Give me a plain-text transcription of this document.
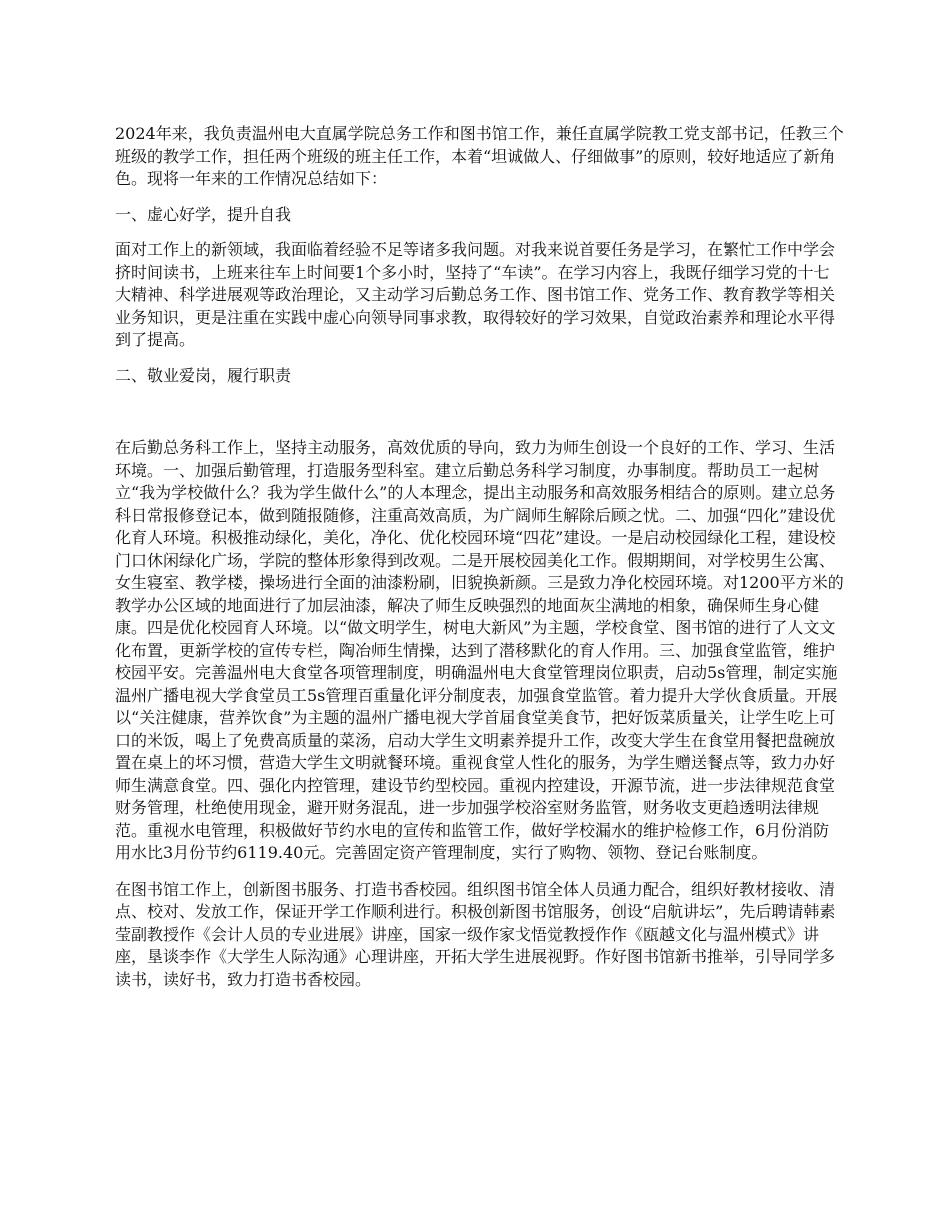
2024年来，我负责温州电大直属学院总务工作和图书馆工作，兼任直属学院教工党支部书记，任教三个班级的教学工作，担任两个班级的班主任工作，本着“坦诚做人、仔细做事”的原则，较好地适应了新角色。现将一年来的工作情况总结如下：

一、虚心好学，提升自我

面对工作上的新领域，我面临着经验不足等诸多我问题。对我来说首要任务是学习，在繁忙工作中学会挤时间读书，上班来往车上时间要1个多小时，坚持了“车读”。在学习内容上，我既仔细学习党的十七大精神、科学进展观等政治理论，又主动学习后勤总务工作、图书馆工作、党务工作、教育教学等相关业务知识，更是注重在实践中虚心向领导同事求教，取得较好的学习效果，自觉政治素养和理论水平得到了提高。

二、敬业爱岗，履行职责

在后勤总务科工作上，坚持主动服务，高效优质的导向，致力为师生创设一个良好的工作、学习、生活环境。一、加强后勤管理，打造服务型科室。建立后勤总务科学习制度，办事制度。帮助员工一起树立“我为学校做什么？我为学生做什么”的人本理念，提出主动服务和高效服务相结合的原则。建立总务科日常报修登记本，做到随报随修，注重高效高质，为广阔师生解除后顾之忧。二、加强“四化”建设优化育人环境。积极推动绿化，美化，净化、优化校园环境“四花”建设。一是启动校园绿化工程，建设校门口休闲绿化广场，学院的整体形象得到改观。二是开展校园美化工作。假期期间，对学校男生公寓、女生寝室、教学楼，操场进行全面的油漆粉刷，旧貌换新颜。三是致力净化校园环境。对1200平方米的教学办公区域的地面进行了加层油漆，解决了师生反映强烈的地面灰尘满地的相象，确保师生身心健康。四是优化校园育人环境。以“做文明学生，树电大新风”为主题，学校食堂、图书馆的进行了人文文化布置，更新学校的宣传专栏，陶冶师生情操，达到了潜移默化的育人作用。三、加强食堂监管，维护校园平安。完善温州电大食堂各项管理制度，明确温州电大食堂管理岗位职责，启动5s管理，制定实施温州广播电视大学食堂员工5s管理百重量化评分制度表，加强食堂监管。着力提升大学伙食质量。开展以“关注健康，营养饮食”为主题的温州广播电视大学首届食堂美食节，把好饭菜质量关，让学生吃上可口的米饭，喝上了免费高质量的菜汤，启动大学生文明素养提升工作，改变大学生在食堂用餐把盘碗放置在桌上的坏习惯，营造大学生文明就餐环境。重视食堂人性化的服务，为学生赠送餐点等，致力办好师生满意食堂。四、强化内控管理，建设节约型校园。重视内控建设，开源节流，进一步法律规范食堂财务管理，杜绝使用现金，避开财务混乱，进一步加强学校浴室财务监管，财务收支更趋透明法律规范。重视水电管理，积极做好节约水电的宣传和监管工作，做好学校漏水的维护检修工作，6月份消防用水比3月份节约6119.40元。完善固定资产管理制度，实行了购物、领物、登记台账制度。

在图书馆工作上，创新图书服务、打造书香校园。组织图书馆全体人员通力配合，组织好教材接收、清点、校对、发放工作，保证开学工作顺利进行。积极创新图书馆服务，创设“启航讲坛”，先后聘请韩素莹副教授作《会计人员的专业进展》讲座，国家一级作家戈悟觉教授作作《瓯越文化与温州模式》讲座，垦谈李作《大学生人际沟通》心理讲座，开拓大学生进展视野。作好图书馆新书推举，引导同学多读书，读好书，致力打造书香校园。
